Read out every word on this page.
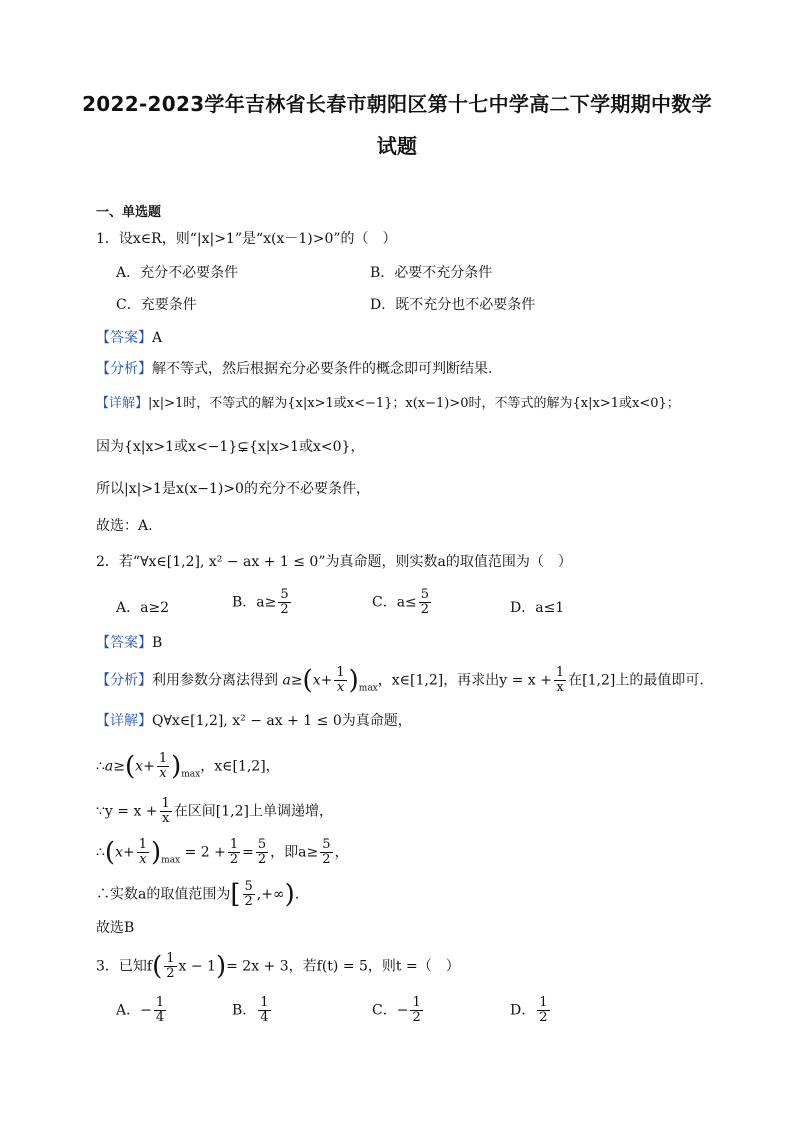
2022-2023学年吉林省长春市朝阳区第十七中学高二下学期期中数学
试题
一、单选题
1．设x∈R，则“|x|>1”是“x(x－1)>0”的（　）
A．充分不必要条件	B．必要不充分条件
C．充要条件	D．既不充分也不必要条件
【答案】A
【分析】解不等式，然后根据充分必要条件的概念即可判断结果.
【详解】|x|>1时，不等式的解为{x|x>1或x<−1}；x(x−1)>0时，不等式的解为{x|x>1或x<0}；
因为{x|x>1或x<−1}⊊{x|x>1或x<0}，
所以|x|>1是x(x−1)>0的充分不必要条件，
故选：A.
2．若“∀x∈[1,2], x² − ax + 1 ≤ 0”为真命题，则实数a的取值范围为（　）
A．a≥2	B．$a\ge \frac{5}{2}$	C．$a\le \frac{5}{2}$	D．a≤1
【答案】B
【分析】利用参数分离法得到 $a\ge(x+ \frac{1}{x} )_{max}$，x∈[1,2]，再求出$y = x + \frac{1}{x}$ 在[1,2]上的最值即可.
【详解】Q∀x∈[1,2], x² − ax + 1 ≤ 0为真命题，
∴a≥(x+ $\frac{1}{x} )_{max}$，x∈[1,2]，
∵y = $x + \frac{1}{x}$ 在区间[1,2]上单调递增，
∴(x+ $\frac{1}{x} )_{max} = 2 + \frac{1}{2} = \frac{5}{2}$ ，即$a\ge \frac{5}{2}$ ，
∴实数a的取值范围为[ $\frac{5}{2}$ ,+∞).
故选B
3．已知$f( \frac{1}{2}$ x − 1)= 2x + 3，若f(t) = 5，则t =（　）
A．− $\frac{1}{4}$	B． $\frac{1}{4}$	C．− $\frac{1}{2}$	D． $\frac{1}{2}$
